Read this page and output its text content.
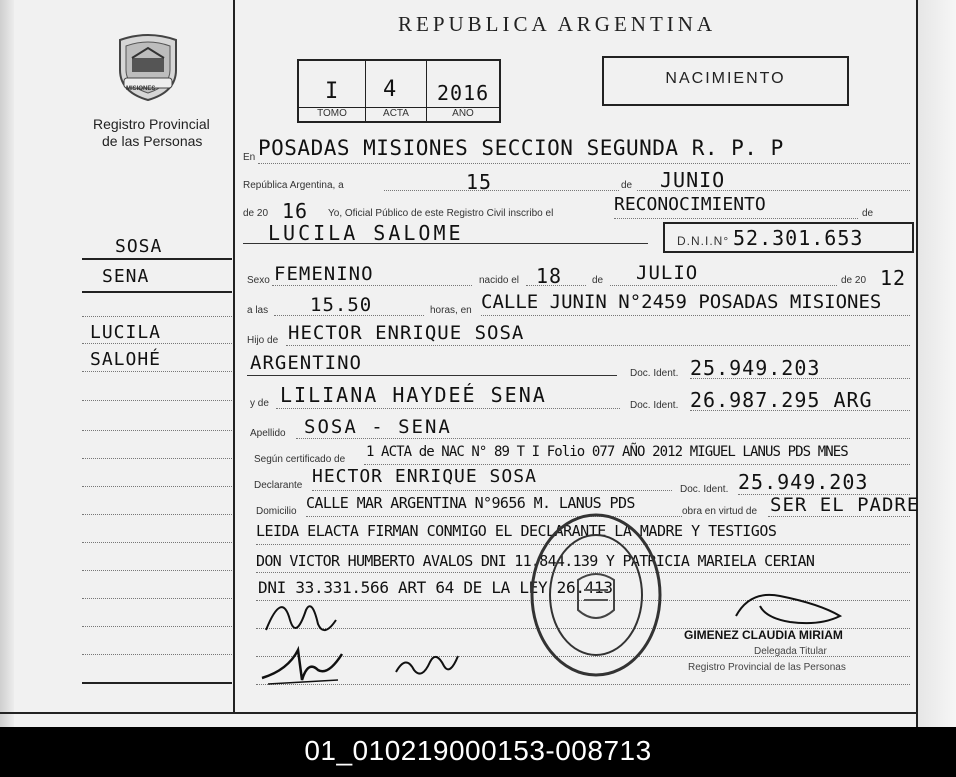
MISIONES
Registro Provincial
de las Personas
SOSA
SENA
LUCILA
SALOHÉ
REPUBLICA ARGENTINA
I 4 2016
TOMO	ACTA	AÑO
NACIMIENTO
En POSADAS MISIONES SECCION SEGUNDA R. P. P
República Argentina, a	15	de JUNIO
de 20 16 Yo, Oficial Público de este Registro Civil inscribo el	RECONOCIMIENTO	de
LUCILA SALOME	D.N.I.N° 52.301.653
Sexo FEMENINO	nacido el 18	de JULIO	de 20 12
a las 15.50	horas, en CALLE JUNIN N°2459 POSADAS MISIONES
Hijo de HECTOR ENRIQUE SOSA
ARGENTINO	Doc. Ident. 25.949.203
y de LILIANA HAYDEÉ SENA	Doc. Ident. 26.987.295 ARG
Apellido SOSA - SENA
Según certificado de 1 ACTA de NAC N° 89 T I Folio 077 AÑO 2012 MIGUEL LANUS PDS MNES
Declarante HECTOR ENRIQUE SOSA
Doc. Ident. 25.949.203
Domicilio CALLE MAR ARGENTINA N°9656 M. LANUS PDS	obra en virtud de SER EL PADRE
LEIDA ELACTA FIRMAN CONMIGO EL DECLARANTE LA MADRE Y TESTIGOS
DON VICTOR HUMBERTO AVALOS DNI 11.844.139 Y PATRICIA MARIELA CERIAN
DNI 33.331.566 ART 64 DE LA LEY 26.413
GIMENEZ CLAUDIA MIRIAM
Delegada Titular
Registro Provincial de las Personas
01_010219000153-008713
